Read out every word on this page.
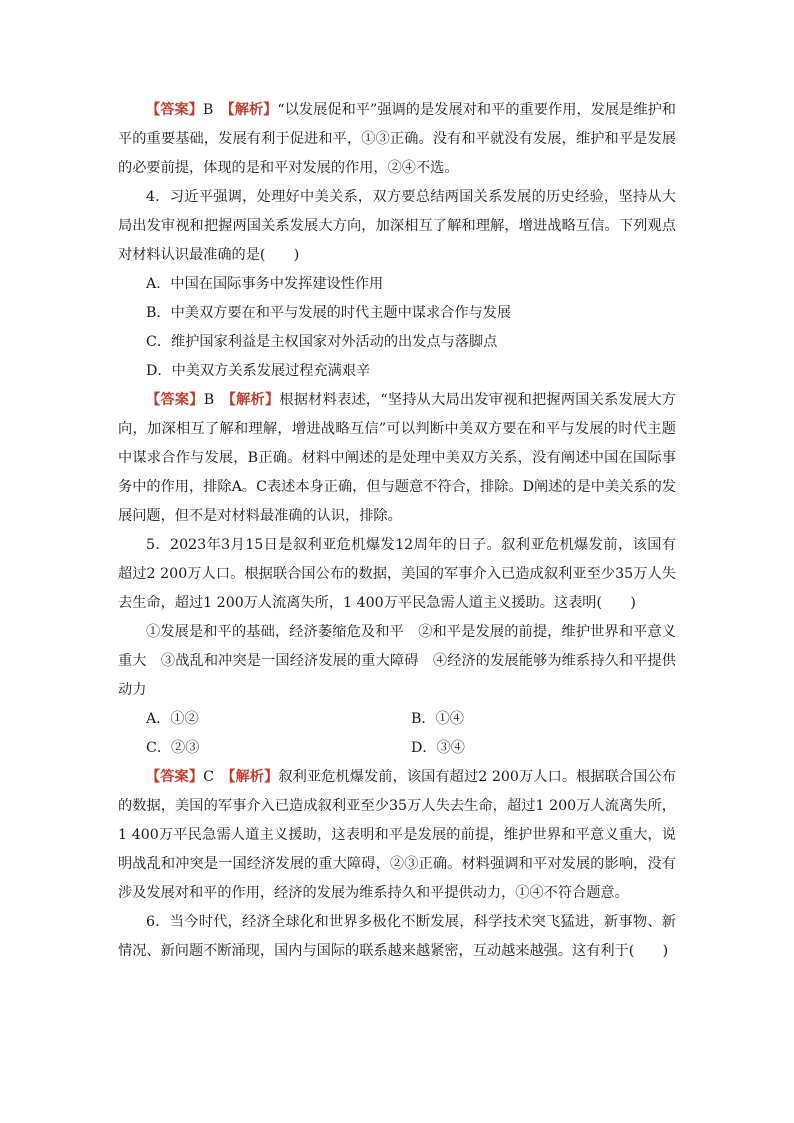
【答案】B　 【解析】“以发展促和平”强调的是发展对和平的重要作用，发展是维护和平的重要基础，发展有利于促进和平，①③正确。没有和平就没有发展，维护和平是发展的必要前提，体现的是和平对发展的作用，②④不选。

4．习近平强调，处理好中美关系，双方要总结两国关系发展的历史经验，坚持从大局出发审视和把握两国关系发展大方向，加深相互了解和理解，增进战略互信。下列观点对材料认识最准确的是(　　)

A．中国在国际事务中发挥建设性作用

B．中美双方要在和平与发展的时代主题中谋求合作与发展

C．维护国家利益是主权国家对外活动的出发点与落脚点

D．中美双方关系发展过程充满艰辛

【答案】B　 【解析】根据材料表述，“坚持从大局出发审视和把握两国关系发展大方向，加深相互了解和理解，增进战略互信”可以判断中美双方要在和平与发展的时代主题中谋求合作与发展，B正确。材料中阐述的是处理中美双方关系，没有阐述中国在国际事务中的作用，排除A。C表述本身正确，但与题意不符合，排除。D阐述的是中美关系的发展问题，但不是对材料最准确的认识，排除。

5．2023年3月15日是叙利亚危机爆发12周年的日子。叙利亚危机爆发前，该国有超过2 200万人口。根据联合国公布的数据，美国的军事介入已造成叙利亚至少35万人失去生命，超过1 200万人流离失所，1 400万平民急需人道主义援助。这表明(　　)

①发展是和平的基础，经济萎缩危及和平　②和平是发展的前提，维护世界和平意义重大　③战乱和冲突是一国经济发展的重大障碍　④经济的发展能够为维系持久和平提供动力

A．①②	B．①④

C．②③	D．③④

【答案】C　 【解析】叙利亚危机爆发前，该国有超过2 200万人口。根据联合国公布的数据，美国的军事介入已造成叙利亚至少35万人失去生命，超过1 200万人流离失所，1 400万平民急需人道主义援助，这表明和平是发展的前提，维护世界和平意义重大，说明战乱和冲突是一国经济发展的重大障碍，②③正确。材料强调和平对发展的影响，没有涉及发展对和平的作用，经济的发展为维系持久和平提供动力，①④不符合题意。

6．当今时代，经济全球化和世界多极化不断发展，科学技术突飞猛进，新事物、新情况、新问题不断涌现，国内与国际的联系越来越紧密，互动越来越强。这有利于(　　)
